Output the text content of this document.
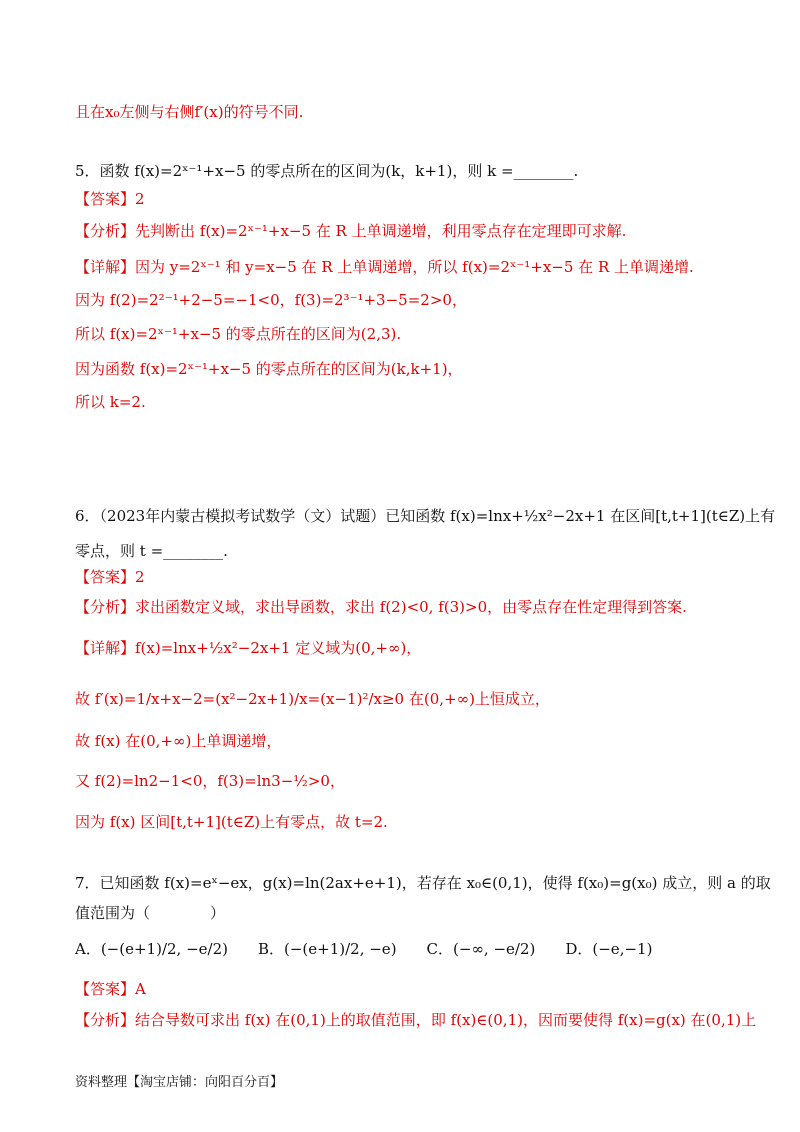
且在x₀左侧与右侧f′(x)的符号不同.
5．函数 f(x)=2ˣ⁻¹+x−5 的零点所在的区间为(k，k+1)，则 k =________.
【答案】2
【分析】先判断出 f(x)=2ˣ⁻¹+x−5 在 R 上单调递增，利用零点存在定理即可求解.
【详解】因为 y=2ˣ⁻¹ 和 y=x−5 在 R 上单调递增，所以 f(x)=2ˣ⁻¹+x−5 在 R 上单调递增.
因为 f(2)=2²⁻¹+2−5=−1<0，f(3)=2³⁻¹+3−5=2>0，
所以 f(x)=2ˣ⁻¹+x−5 的零点所在的区间为(2,3).
因为函数 f(x)=2ˣ⁻¹+x−5 的零点所在的区间为(k,k+1)，
所以 k=2.
6．（2023年内蒙古模拟考试数学（文）试题）已知函数 f(x)=lnx+½x²−2x+1 在区间[t,t+1](t∈Z)上有
零点，则 t =________.
【答案】2
【分析】求出函数定义域，求出导函数，求出 f(2)<0, f(3)>0，由零点存在性定理得到答案.
【详解】f(x)=lnx+½x²−2x+1 定义域为(0,+∞)，
故 f′(x)=1/x+x−2=(x²−2x+1)/x=(x−1)²/x≥0 在(0,+∞)上恒成立，
故 f(x) 在(0,+∞)上单调递增，
又 f(2)=ln2−1<0，f(3)=ln3−½>0，
因为 f(x) 区间[t,t+1](t∈Z)上有零点，故 t=2.
7．已知函数 f(x)=eˣ−ex，g(x)=ln(2ax+e+1)，若存在 x₀∈(0,1)，使得 f(x₀)=g(x₀) 成立，则 a 的取
值范围为（　　　　）
A．(−(e+1)/2, −e/2)　　B．(−(e+1)/2, −e)　　C．(−∞, −e/2)　　D．(−e,−1)
【答案】A
【分析】结合导数可求出 f(x) 在(0,1)上的取值范围，即 f(x)∈(0,1)，因而要使得 f(x)=g(x) 在(0,1)上
资料整理【淘宝店铺：向阳百分百】
